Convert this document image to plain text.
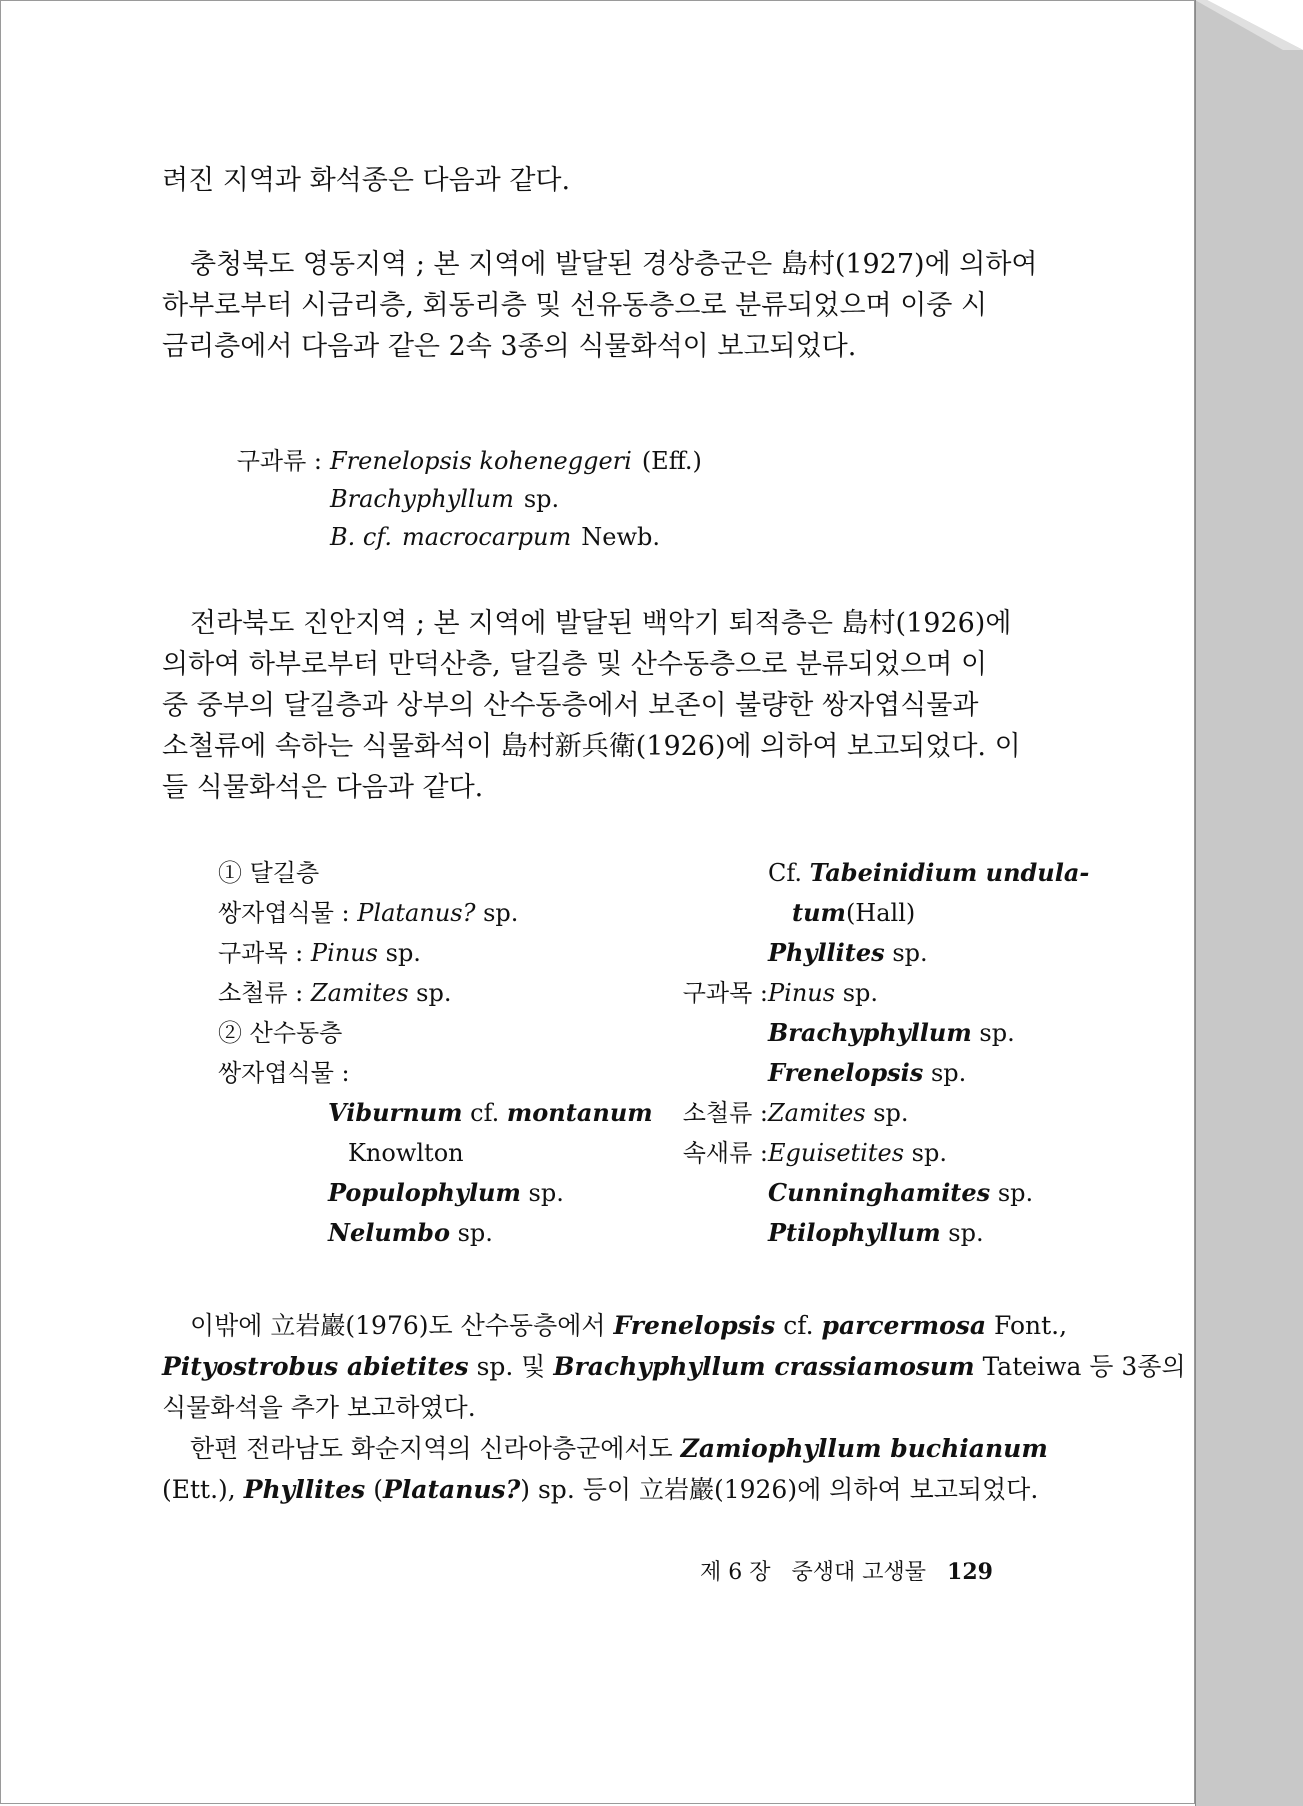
려진 지역과 화석종은 다음과 같다.

충청북도 영동지역 ; 본 지역에 발달된 경상층군은 島村(1927)에 의하여
하부로부터 시금리층, 회동리층 및 선유동층으로 분류되었으며 이중 시
금리층에서 다음과 같은 2속 3종의 식물화석이 보고되었다.
구과류 : Frenelopsis koheneggeri (Eff.)
Brachyphyllum sp.
B. cf. macrocarpum Newb.
전라북도 진안지역 ; 본 지역에 발달된 백악기 퇴적층은 島村(1926)에
의하여 하부로부터 만덕산층, 달길층 및 산수동층으로 분류되었으며 이
중 중부의 달길층과 상부의 산수동층에서 보존이 불량한 쌍자엽식물과
소철류에 속하는 식물화석이 島村新兵衛(1926)에 의하여 보고되었다. 이
들 식물화석은 다음과 같다.
① 달길층
쌍자엽식물 : Platanus? sp.
구과목 : Pinus sp.
소철류 : Zamites sp.
② 산수동층
쌍자엽식물 :
Viburnum cf. montanum
Knowlton
Populophylum sp.
Nelumbo sp.
Cf. Tabeinidium undula-
tum(Hall)
Phyllites sp.
구과목 :Pinus sp.
Brachyphyllum sp.
Frenelopsis sp.
소철류 :Zamites sp.
속새류 :Eguisetites sp.
Cunninghamites sp.
Ptilophyllum sp.
이밖에 立岩巖(1976)도 산수동층에서 Frenelopsis cf. parcermosa Font.,
Pityostrobus abietites sp. 및 Brachyphyllum crassiamosum Tateiwa 등 3종의
식물화석을 추가 보고하였다.
한편 전라남도 화순지역의 신라아층군에서도 Zamiophyllum buchianum
(Ett.), Phyllites (Platanus?) sp. 등이 立岩巖(1926)에 의하여 보고되었다.
제 6 장 중생대 고생물 129
